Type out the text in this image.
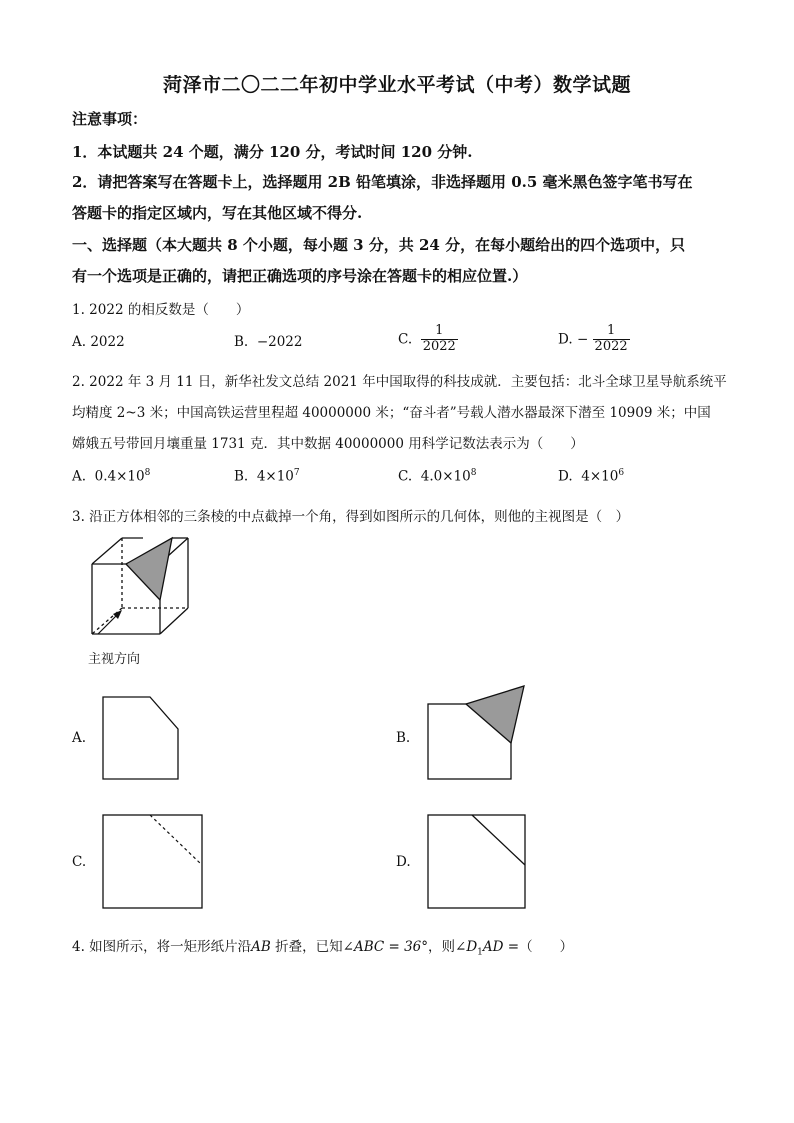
菏泽市二〇二二年初中学业水平考试（中考）数学试题
注意事项：
1．本试题共 24 个题，满分 120 分，考试时间 120 分钟.
2．请把答案写在答题卡上，选择题用 2B 铅笔填涂，非选择题用 0.5 毫米黑色签字笔书写在
答题卡的指定区域内，写在其他区域不得分.
一、选择题（本大题共 8 个小题，每小题 3 分，共 24 分，在每小题给出的四个选项中，只
有一个选项是正确的，请把正确选项的序号涂在答题卡的相应位置.）
1. 2022 的相反数是（　　）
A. 2022	B. −2022	C. $\frac{1}{2022}$	D. − $\frac{1}{2022}$
2. 2022 年 3 月 11 日，新华社发文总结 2021 年中国取得的科技成就．主要包括：北斗全球卫星导航系统平
均精度 2~3 米；中国高铁运营里程超 40000000 米；“奋斗者”号载人潜水器最深下潜至 10909 米；中国
嫦娥五号带回月壤重量 1731 克．其中数据 40000000 用科学记数法表示为（　　）
A. $0.4\times 10^8$	B. $4\times 10^7$	C. $4.0\times 10^8$	D. $4\times 10^6$
3. 沿正方体相邻的三条棱的中点截掉一个角，得到如图所示的几何体，则他的主视图是（　）
主视方向
A.	B.
C.	D.
4. 如图所示，将一矩形纸片沿AB 折叠，已知∠ABC = 36°，则$\angle D_1AD$ =（　　）
